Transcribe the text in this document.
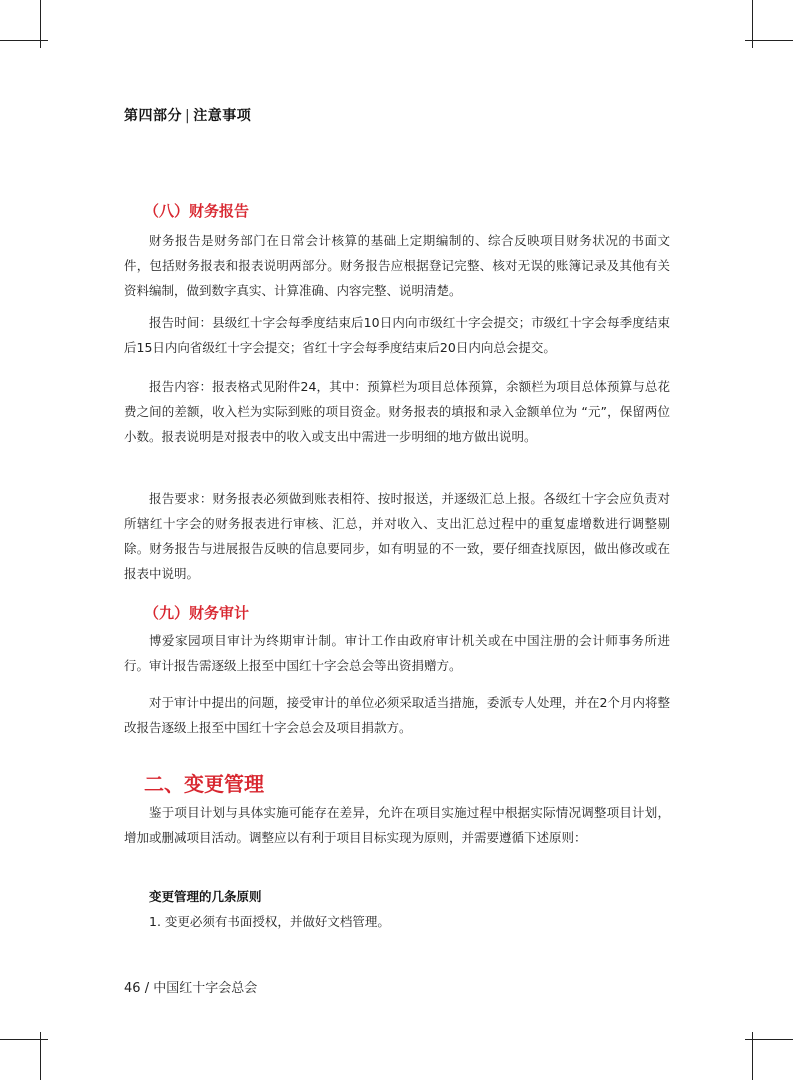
第四部分 | 注意事项
（八）财务报告
财务报告是财务部门在日常会计核算的基础上定期编制的、综合反映项目财务状况的书面文件，包括财务报表和报表说明两部分。财务报告应根据登记完整、核对无误的账簿记录及其他有关资料编制，做到数字真实、计算准确、内容完整、说明清楚。
报告时间：县级红十字会每季度结束后10日内向市级红十字会提交；市级红十字会每季度结束后15日内向省级红十字会提交；省红十字会每季度结束后20日内向总会提交。
报告内容：报表格式见附件24，其中：预算栏为项目总体预算，余额栏为项目总体预算与总花费之间的差额，收入栏为实际到账的项目资金。财务报表的填报和录入金额单位为 “元”，保留两位小数。报表说明是对报表中的收入或支出中需进一步明细的地方做出说明。
报告要求：财务报表必须做到账表相符、按时报送，并逐级汇总上报。各级红十字会应负责对所辖红十字会的财务报表进行审核、汇总，并对收入、支出汇总过程中的重复虚增数进行调整剔除。财务报告与进展报告反映的信息要同步，如有明显的不一致，要仔细查找原因，做出修改或在报表中说明。
（九）财务审计
博爱家园项目审计为终期审计制。审计工作由政府审计机关或在中国注册的会计师事务所进行。审计报告需逐级上报至中国红十字会总会等出资捐赠方。
对于审计中提出的问题，接受审计的单位必须采取适当措施，委派专人处理，并在2个月内将整改报告逐级上报至中国红十字会总会及项目捐款方。
二、变更管理
鉴于项目计划与具体实施可能存在差异，允许在项目实施过程中根据实际情况调整项目计划，增加或删减项目活动。调整应以有利于项目目标实现为原则，并需要遵循下述原则：
变更管理的几条原则
1. 变更必须有书面授权，并做好文档管理。
46 / 中国红十字会总会
